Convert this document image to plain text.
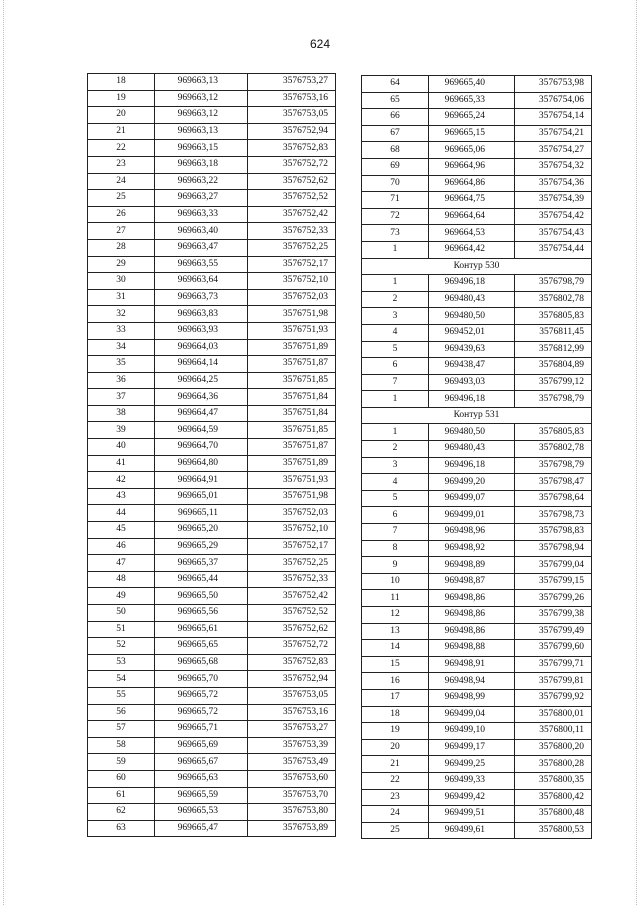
624
18	969663,13	3576753,27
19	969663,12	3576753,16
20	969663,12	3576753,05
21	969663,13	3576752,94
22	969663,15	3576752,83
23	969663,18	3576752,72
24	969663,22	3576752,62
25	969663,27	3576752,52
26	969663,33	3576752,42
27	969663,40	3576752,33
28	969663,47	3576752,25
29	969663,55	3576752,17
30	969663,64	3576752,10
31	969663,73	3576752,03
32	969663,83	3576751,98
33	969663,93	3576751,93
34	969664,03	3576751,89
35	969664,14	3576751,87
36	969664,25	3576751,85
37	969664,36	3576751,84
38	969664,47	3576751,84
39	969664,59	3576751,85
40	969664,70	3576751,87
41	969664,80	3576751,89
42	969664,91	3576751,93
43	969665,01	3576751,98
44	969665,11	3576752,03
45	969665,20	3576752,10
46	969665,29	3576752,17
47	969665,37	3576752,25
48	969665,44	3576752,33
49	969665,50	3576752,42
50	969665,56	3576752,52
51	969665,61	3576752,62
52	969665,65	3576752,72
53	969665,68	3576752,83
54	969665,70	3576752,94
55	969665,72	3576753,05
56	969665,72	3576753,16
57	969665,71	3576753,27
58	969665,69	3576753,39
59	969665,67	3576753,49
60	969665,63	3576753,60
61	969665,59	3576753,70
62	969665,53	3576753,80
63	969665,47	3576753,89
64	969665,40	3576753,98
65	969665,33	3576754,06
66	969665,24	3576754,14
67	969665,15	3576754,21
68	969665,06	3576754,27
69	969664,96	3576754,32
70	969664,86	3576754,36
71	969664,75	3576754,39
72	969664,64	3576754,42
73	969664,53	3576754,43
1	969664,42	3576754,44
Контур 530		
1	969496,18	3576798,79
2	969480,43	3576802,78
3	969480,50	3576805,83
4	969452,01	3576811,45
5	969439,63	3576812,99
6	969438,47	3576804,89
7	969493,03	3576799,12
1	969496,18	3576798,79
Контур 531		
1	969480,50	3576805,83
2	969480,43	3576802,78
3	969496,18	3576798,79
4	969499,20	3576798,47
5	969499,07	3576798,64
6	969499,01	3576798,73
7	969498,96	3576798,83
8	969498,92	3576798,94
9	969498,89	3576799,04
10	969498,87	3576799,15
11	969498,86	3576799,26
12	969498,86	3576799,38
13	969498,86	3576799,49
14	969498,88	3576799,60
15	969498,91	3576799,71
16	969498,94	3576799,81
17	969498,99	3576799,92
18	969499,04	3576800,01
19	969499,10	3576800,11
20	969499,17	3576800,20
21	969499,25	3576800,28
22	969499,33	3576800,35
23	969499,42	3576800,42
24	969499,51	3576800,48
25	969499,61	3576800,53
